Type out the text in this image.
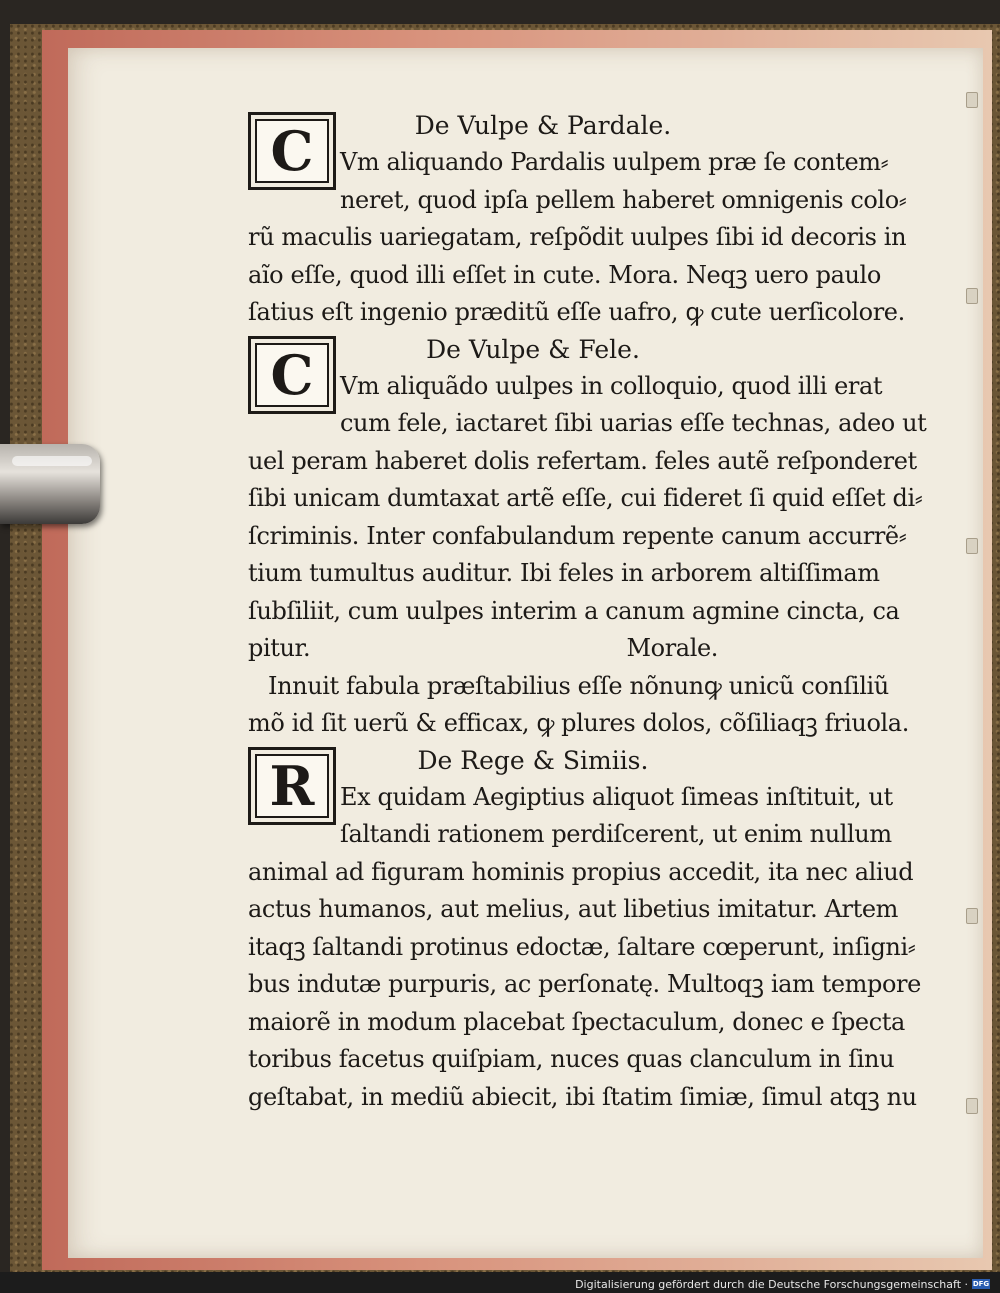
De Vulpe & Pardale.
C	Vm aliquando Pardalis uulpem præ ſe contem⸗
neret, quod ipſa pellem haberet omnigenis colo⸗
rũ maculis uariegatam, reſpõdit uulpes ſibi id decoris in
aĩo eſſe, quod illi eſſet in cute. Mora. Neqꝫ uero paulo
ſatius eſt ingenio præditũ eſſe uafro, ꝙ cute uerſicolore.
De Vulpe & Fele.
C	Vm aliquãdo uulpes in colloquio, quod illi erat
cum fele, iactaret ſibi uarias eſſe technas, adeo ut
uel peram haberet dolis refertam. feles autẽ reſponderet
ſibi unicam dumtaxat artẽ eſſe, cui fideret ſi quid eſſet di⸗
ſcriminis. Inter confabulandum repente canum accurrẽ⸗
tium tumultus auditur. Ibi feles in arborem altiſſimam
ſubſiliit, cum uulpes interim a canum agmine cincta, ca
pitur.	Morale.
Innuit fabula præſtabilius eſſe nõnunꝙ unicũ conſiliũ
mõ id ſit uerũ & efficax, ꝙ plures dolos, cõſiliaqꝫ friuola.
De Rege & Simiis.
R	Ex quidam Aegiptius aliquot ſimeas inſtituit, ut
ſaltandi rationem perdiſcerent, ut enim nullum
animal ad figuram hominis propius accedit, ita nec aliud
actus humanos, aut melius, aut libetius imitatur. Artem
itaqꝫ ſaltandi protinus edoctæ, ſaltare cœperunt, inſigni⸗
bus indutæ purpuris, ac perſonatę. Multoqꝫ iam tempore
maiorẽ in modum placebat ſpectaculum, donec e ſpecta
toribus facetus quiſpiam, nuces quas clanculum in ſinu
geſtabat, in mediũ abiecit, ibi ſtatim ſimiæ, ſimul atqꝫ nu
Digitalisierung gefördert durch die Deutsche Forschungsgemeinschaft · DFG
